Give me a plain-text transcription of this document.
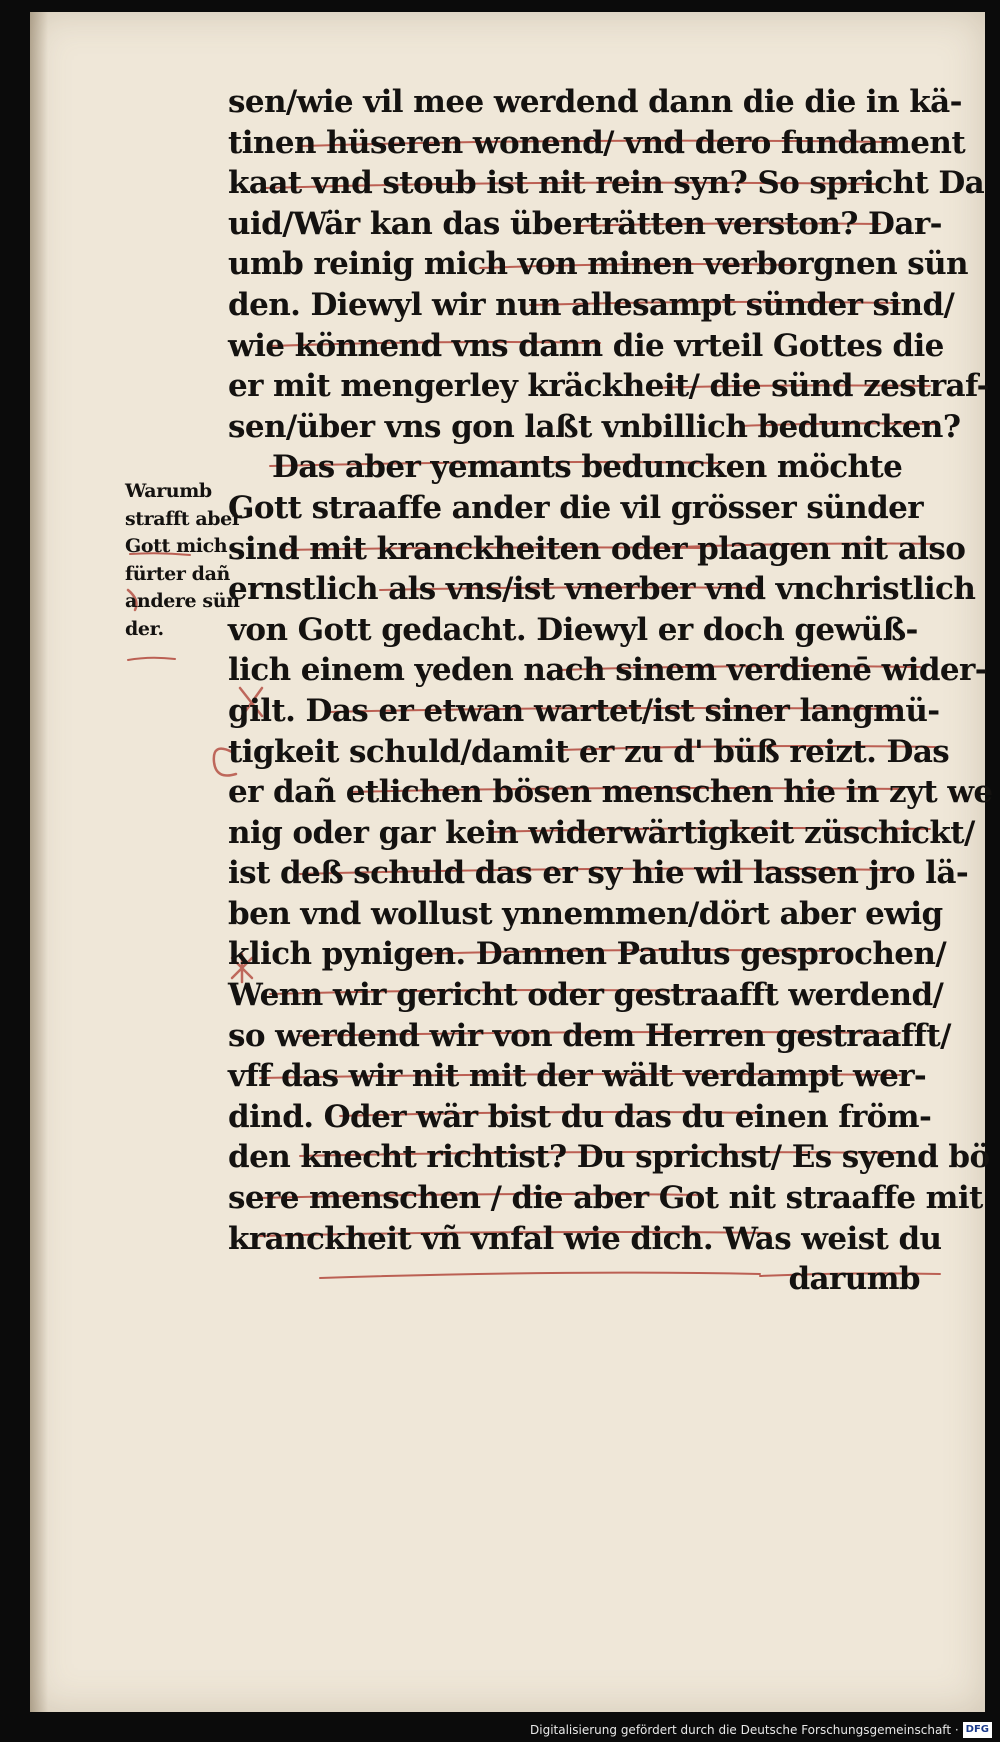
sen/wie vil mee werdend dann die die in kä-
tinen hüseren wonend/ vnd dero fundament
kaat vnd stoub ist nit rein syn? So spricht Da
uid/Wär kan das überträtten verston? Dar-
umb reinig mich von minen verborgnen sün
den. Diewyl wir nun allesampt sünder sind/
wie könnend vns dann die vrteil Gottes die
er mit mengerley kräckheit/ die sünd zestraf-
sen/über vns gon laßt vnbillich beduncken?
Das aber yemants beduncken möchte
Gott straaffe ander die vil grösser sünder
sind mit kranckheiten oder plaagen nit also
ernstlich als vns/ist vnerber vnd vnchristlich
von Gott gedacht. Diewyl er doch gewüß-
lich einem yeden nach sinem verdienē wider-
gilt. Das er etwan wartet/ist siner langmü-
tigkeit schuld/damit er zu d' büß reizt. Das
er dañ etlichen bösen menschen hie in zyt we
nig oder gar kein widerwärtigkeit züschickt/
ist deß schuld das er sy hie wil lassen jro lä-
ben vnd wollust ynnemmen/dört aber ewig
klich pynigen. Dannen Paulus gesprochen/
Wenn wir gericht oder gestraafft werdend/
so werdend wir von dem Herren gestraafft/
vff das wir nit mit der wält verdampt wer-
dind. Oder wär bist du das du einen fröm-
den knecht richtist? Du sprichst/ Es syend bö
sere menschen / die aber Got nit straaffe mit
kranckheit vñ vnfal wie dich. Was weist du
darumb
Warumb
strafft aber
Gott mich
fürter dañ
andere sün
der.
Digitalisierung gefördert durch die Deutsche Forschungsgemeinschaft · DFG
